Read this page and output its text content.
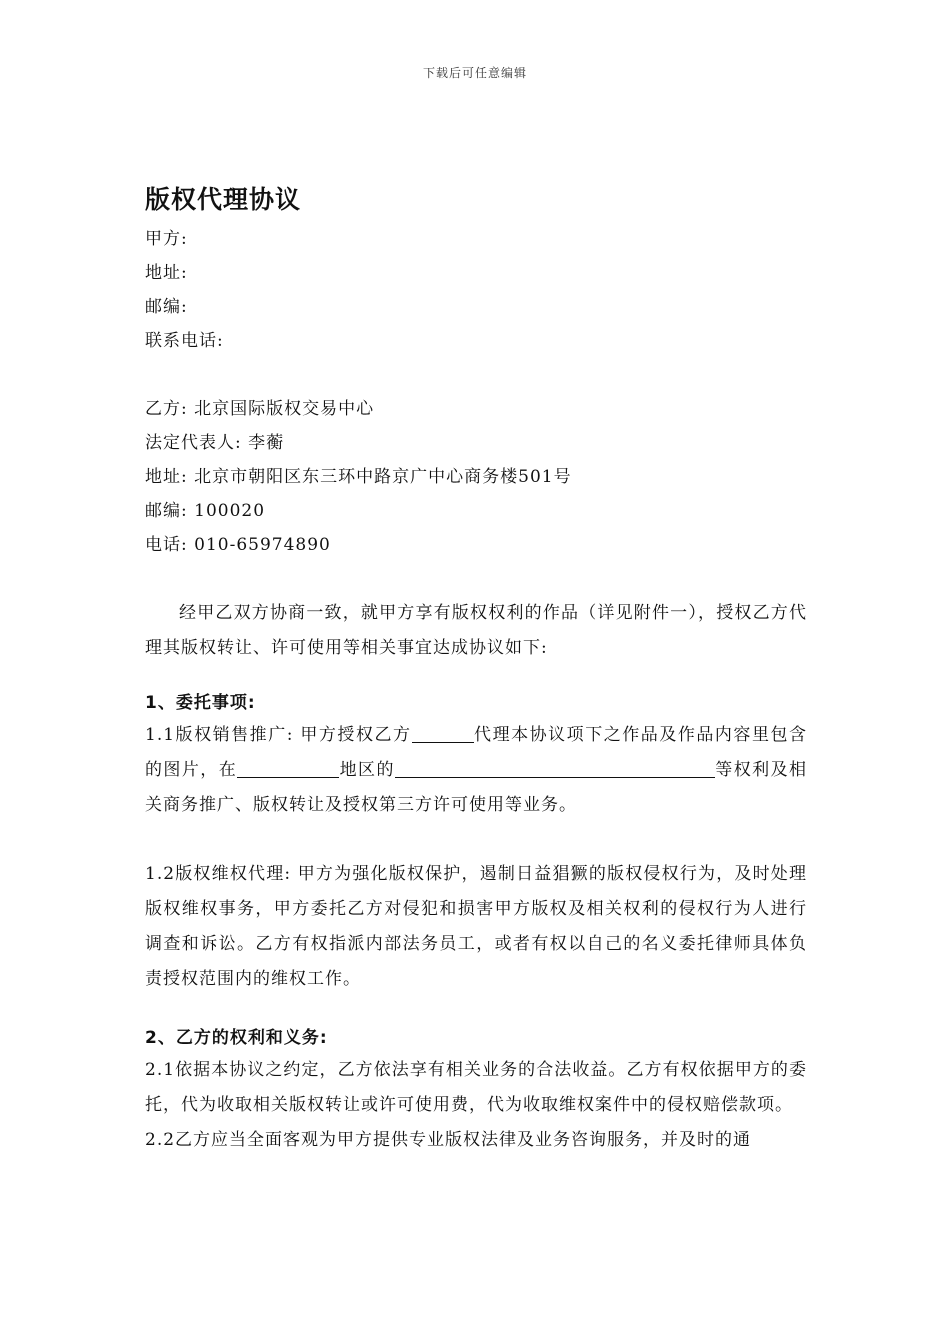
下载后可任意编辑
版权代理协议
甲方:
地址:
邮编:
联系电话:
乙方: 北京国际版权交易中心
法定代表人: 李蘅
地址: 北京市朝阳区东三环中路京广中心商务楼501号
邮编: 100020
电话: 010-65974890

经甲乙双方协商一致，就甲方享有版权权利的作品（详见附件一），授权乙方代理其版权转让、许可使用等相关事宜达成协议如下:

1、委托事项:

1.1版权销售推广: 甲方授权乙方	代理本协议项下之作品及作品内容里包含的图片，在	地区的	等权利及相关商务推广、版权转让及授权第三方许可使用等业务。

1.2版权维权代理: 甲方为强化版权保护，遏制日益猖獗的版权侵权行为，及时处理版权维权事务，甲方委托乙方对侵犯和损害甲方版权及相关权利的侵权行为人进行调查和诉讼。乙方有权指派内部法务员工，或者有权以自己的名义委托律师具体负责授权范围内的维权工作。

2、乙方的权利和义务:

2.1依据本协议之约定，乙方依法享有相关业务的合法收益。乙方有权依据甲方的委托，代为收取相关版权转让或许可使用费，代为收取维权案件中的侵权赔偿款项。

2.2乙方应当全面客观为甲方提供专业版权法律及业务咨询服务，并及时的通
